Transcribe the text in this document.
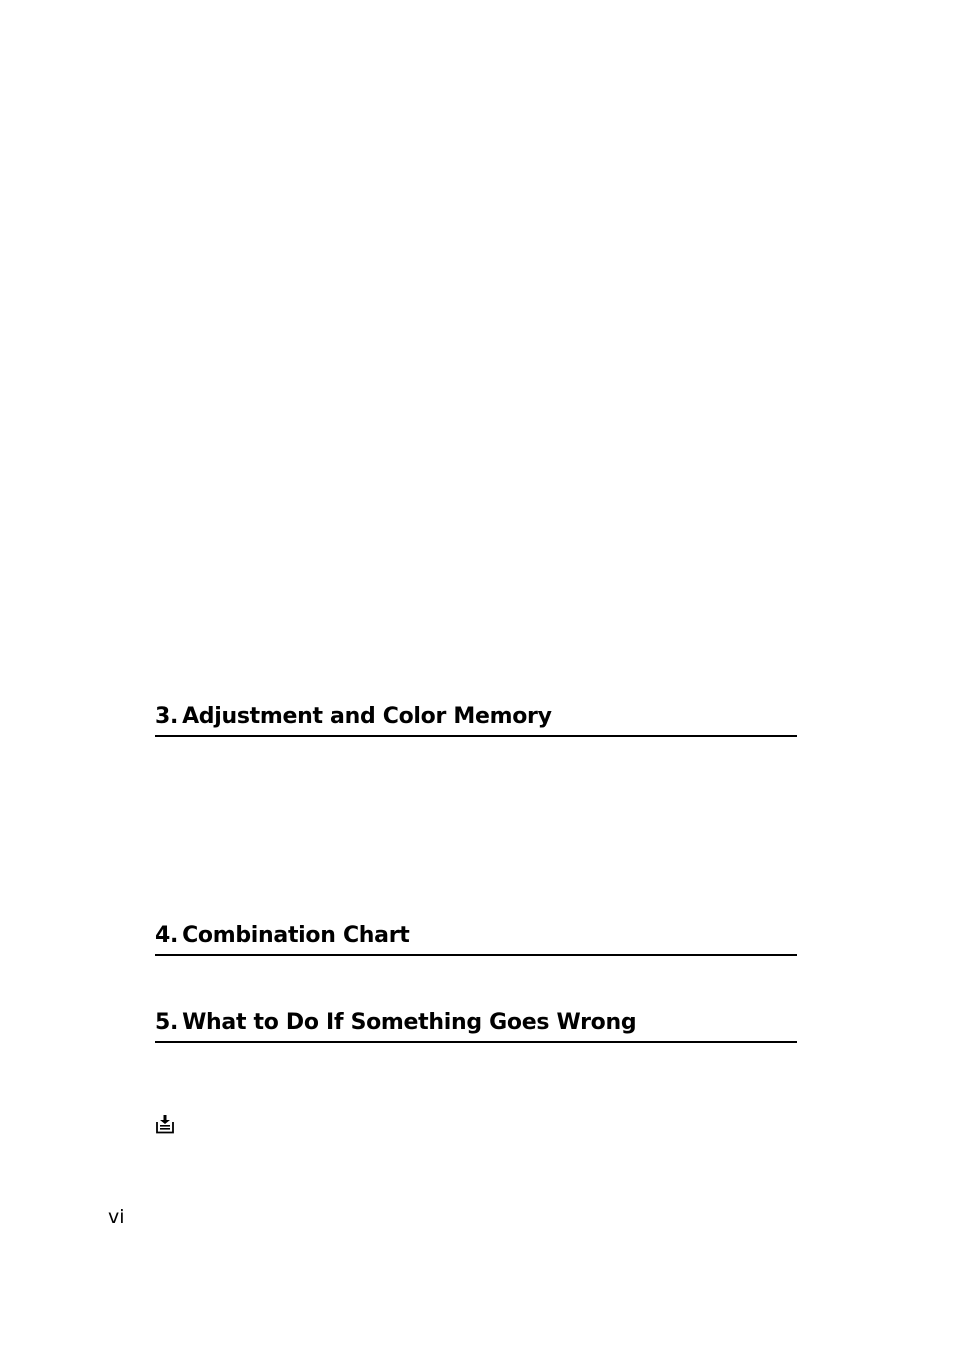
3. Adjustment and Color Memory
4. Combination Chart
5. What to Do If Something Goes Wrong
vi
